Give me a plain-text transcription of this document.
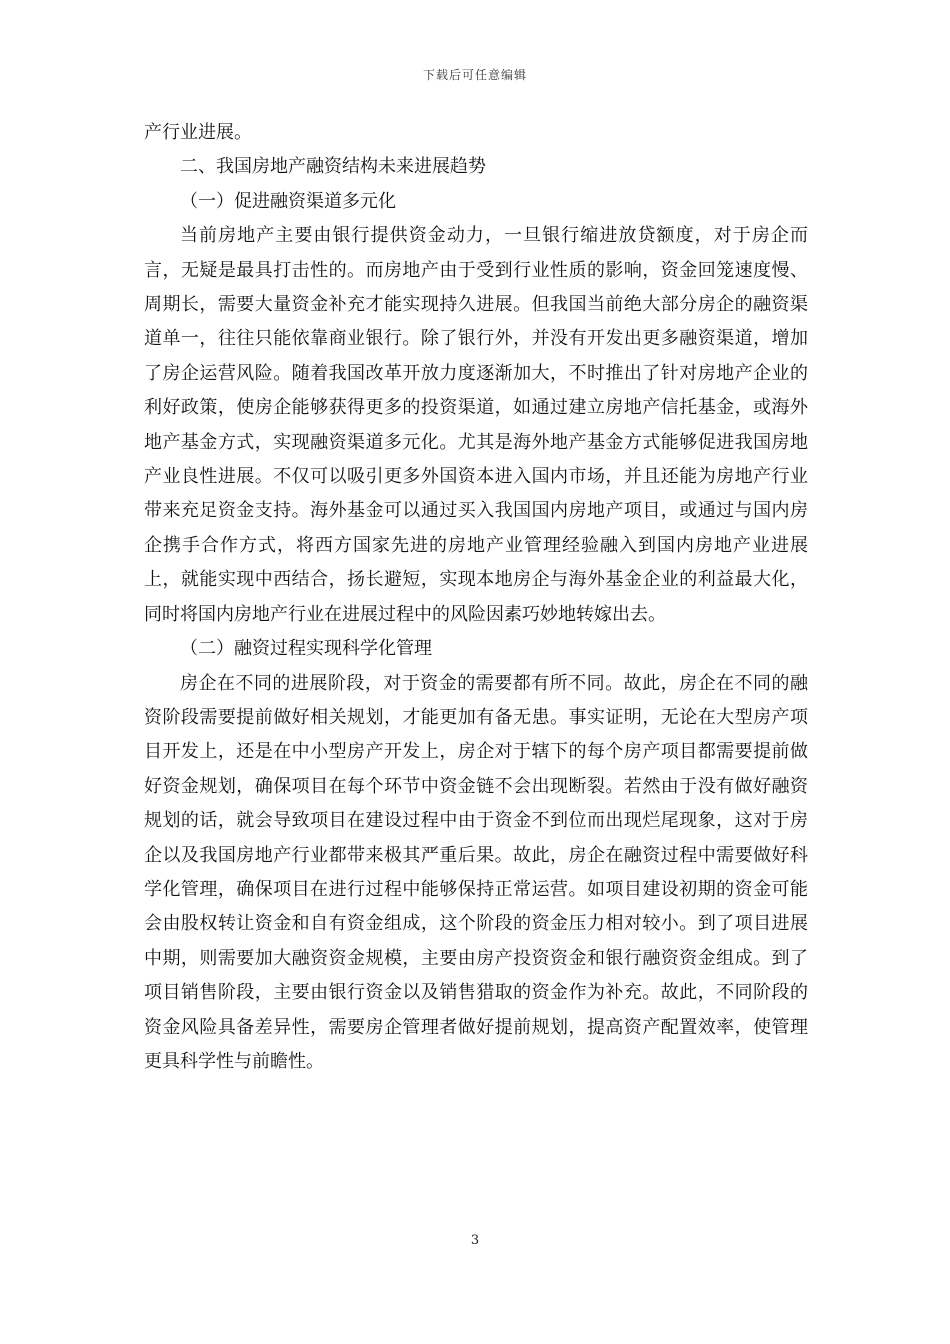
下载后可任意编辑

产行业进展。

二、我国房地产融资结构未来进展趋势

（一）促进融资渠道多元化

当前房地产主要由银行提供资金动力，一旦银行缩进放贷额度，对于房企而言，无疑是最具打击性的。而房地产由于受到行业性质的影响，资金回笼速度慢、周期长，需要大量资金补充才能实现持久进展。但我国当前绝大部分房企的融资渠道单一，往往只能依靠商业银行。除了银行外，并没有开发出更多融资渠道，增加了房企运营风险。随着我国改革开放力度逐渐加大，不时推出了针对房地产企业的利好政策，使房企能够获得更多的投资渠道，如通过建立房地产信托基金，或海外地产基金方式，实现融资渠道多元化。尤其是海外地产基金方式能够促进我国房地产业良性进展。不仅可以吸引更多外国资本进入国内市场，并且还能为房地产行业带来充足资金支持。海外基金可以通过买入我国国内房地产项目，或通过与国内房企携手合作方式，将西方国家先进的房地产业管理经验融入到国内房地产业进展上，就能实现中西结合，扬长避短，实现本地房企与海外基金企业的利益最大化，同时将国内房地产行业在进展过程中的风险因素巧妙地转嫁出去。

（二）融资过程实现科学化管理

房企在不同的进展阶段，对于资金的需要都有所不同。故此，房企在不同的融资阶段需要提前做好相关规划，才能更加有备无患。事实证明，无论在大型房产项目开发上，还是在中小型房产开发上，房企对于辖下的每个房产项目都需要提前做好资金规划，确保项目在每个环节中资金链不会出现断裂。若然由于没有做好融资规划的话，就会导致项目在建设过程中由于资金不到位而出现烂尾现象，这对于房企以及我国房地产行业都带来极其严重后果。故此，房企在融资过程中需要做好科学化管理，确保项目在进行过程中能够保持正常运营。如项目建设初期的资金可能会由股权转让资金和自有资金组成，这个阶段的资金压力相对较小。到了项目进展中期，则需要加大融资资金规模，主要由房产投资资金和银行融资资金组成。到了项目销售阶段，主要由银行资金以及销售猎取的资金作为补充。故此，不同阶段的资金风险具备差异性，需要房企管理者做好提前规划，提高资产配置效率，使管理更具科学性与前瞻性。

3
